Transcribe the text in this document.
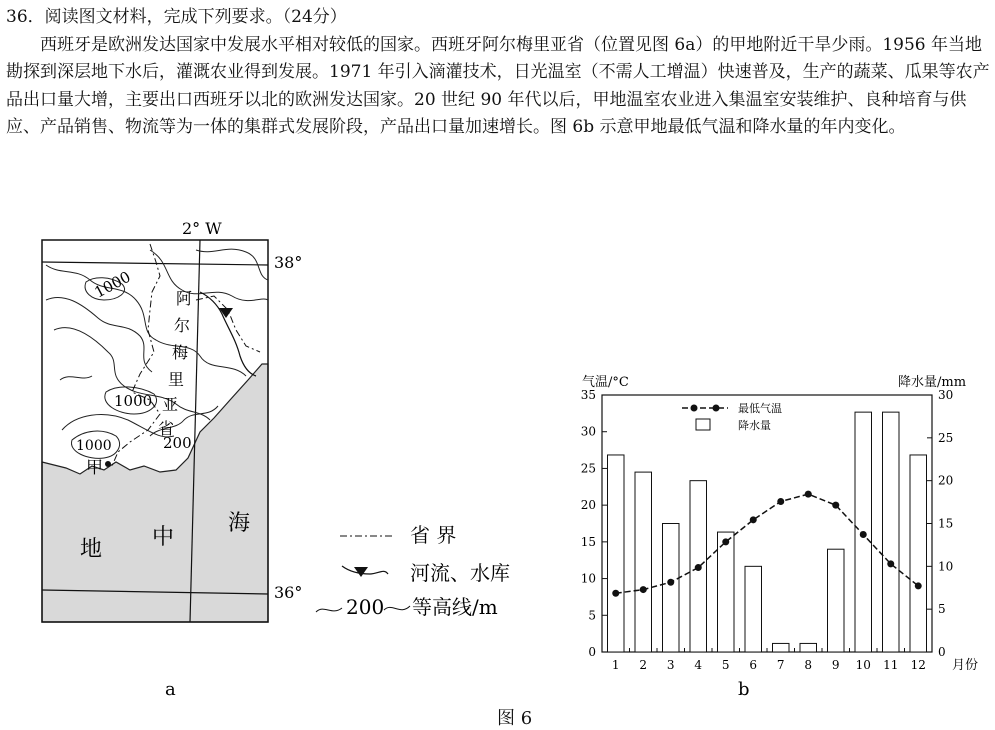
36．阅读图文材料，完成下列要求。（24分）

西班牙是欧洲发达国家中发展水平相对较低的国家。西班牙阿尔梅里亚省（位置见图 6a）的甲地附近干旱少雨。1956 年当地勘探到深层地下水后，灌溉农业得到发展。1971 年引入滴灌技术，日光温室（不需人工增温）快速普及，生产的蔬菜、瓜果等农产品出口量大增，主要出口西班牙以北的欧洲发达国家。20 世纪 90 年代以后，甲地温室农业进入集温室安装维护、良种培育与供应、产品销售、物流等为一体的集群式发展阶段，产品出口量加速增长。图 6b 示意甲地最低气温和降水量的年内变化。

2° W
38°
36°
1000
1000
1000	200
阿
尔
梅
里
亚
省
甲
地 中
海
a
省 界
河流、水库
200 等高线/m
气温/°C	降水量/mm
月份
b
0
5
10
15
20
25
30
35
0
5
10
15
20
25
30
1 2 3 4 5 6 7 8 9 10 11 12
最低气温
降水量
图 6
